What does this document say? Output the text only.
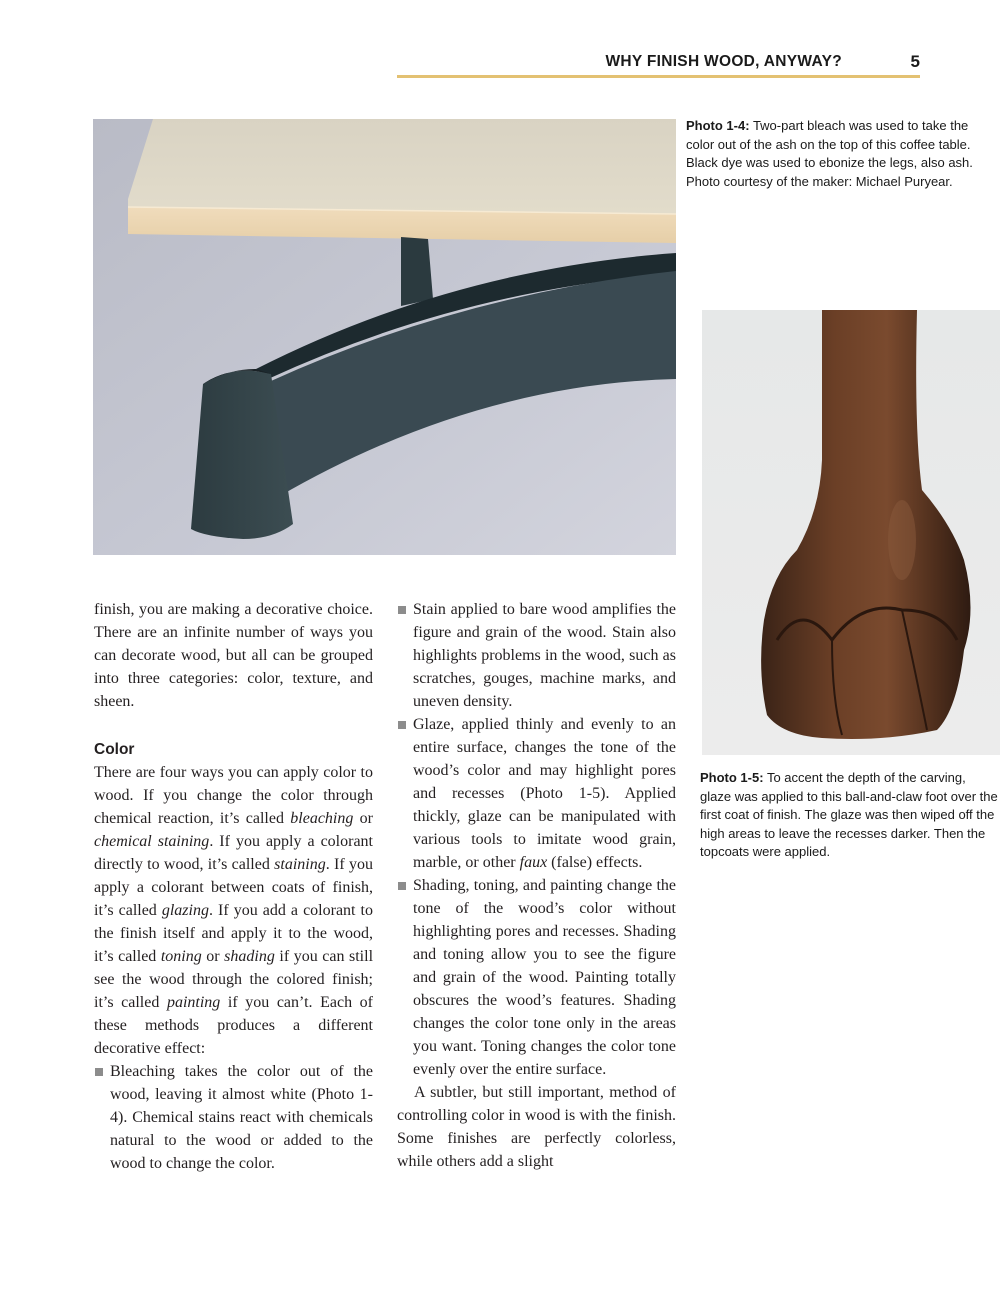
WHY FINISH WOOD, ANYWAY?	5
Photo 1-4: Two-part bleach was used to take the color out of the ash on the top of this coffee table. Black dye was used to ebonize the legs, also ash. Photo courtesy of the maker: Michael Puryear.
Photo 1-5: To accent the depth of the carving, glaze was applied to this ball-and-claw foot over the first coat of finish. The glaze was then wiped off the high areas to leave the recesses darker. Then the topcoats were applied.

finish, you are making a decorative choice. There are an infinite number of ways you can decorate wood, but all can be grouped into three categories: color, texture, and sheen.

Color

There are four ways you can apply color to wood. If you change the color through chemical reaction, it’s called bleaching or chemical staining. If you apply a colorant directly to wood, it’s called staining. If you apply a colorant between coats of finish, it’s called glazing. If you add a colorant to the finish itself and apply it to the wood, it’s called toning or shading if you can still see the wood through the colored finish; it’s called painting if you can’t. Each of these methods produces a different decorative effect:

Bleaching takes the color out of the wood, leaving it almost white (Photo 1-4). Chemical stains react with chemicals natural to the wood or added to the wood to change the color.
Stain applied to bare wood amplifies the figure and grain of the wood. Stain also highlights problems in the wood, such as scratches, gouges, machine marks, and uneven density.
Glaze, applied thinly and evenly to an entire surface, changes the tone of the wood’s color and may highlight pores and recesses (Photo 1-5). Applied thickly, glaze can be manipulated with various tools to imitate wood grain, marble, or other faux (false) effects.
Shading, toning, and painting change the tone of the wood’s color without highlighting pores and recesses. Shading and toning allow you to see the figure and grain of the wood. Painting totally obscures the wood’s features. Shading changes the color tone only in the areas you want. Toning changes the color tone evenly over the entire surface.

A subtler, but still important, method of controlling color in wood is with the finish. Some finishes are perfectly colorless, while others add a slight
